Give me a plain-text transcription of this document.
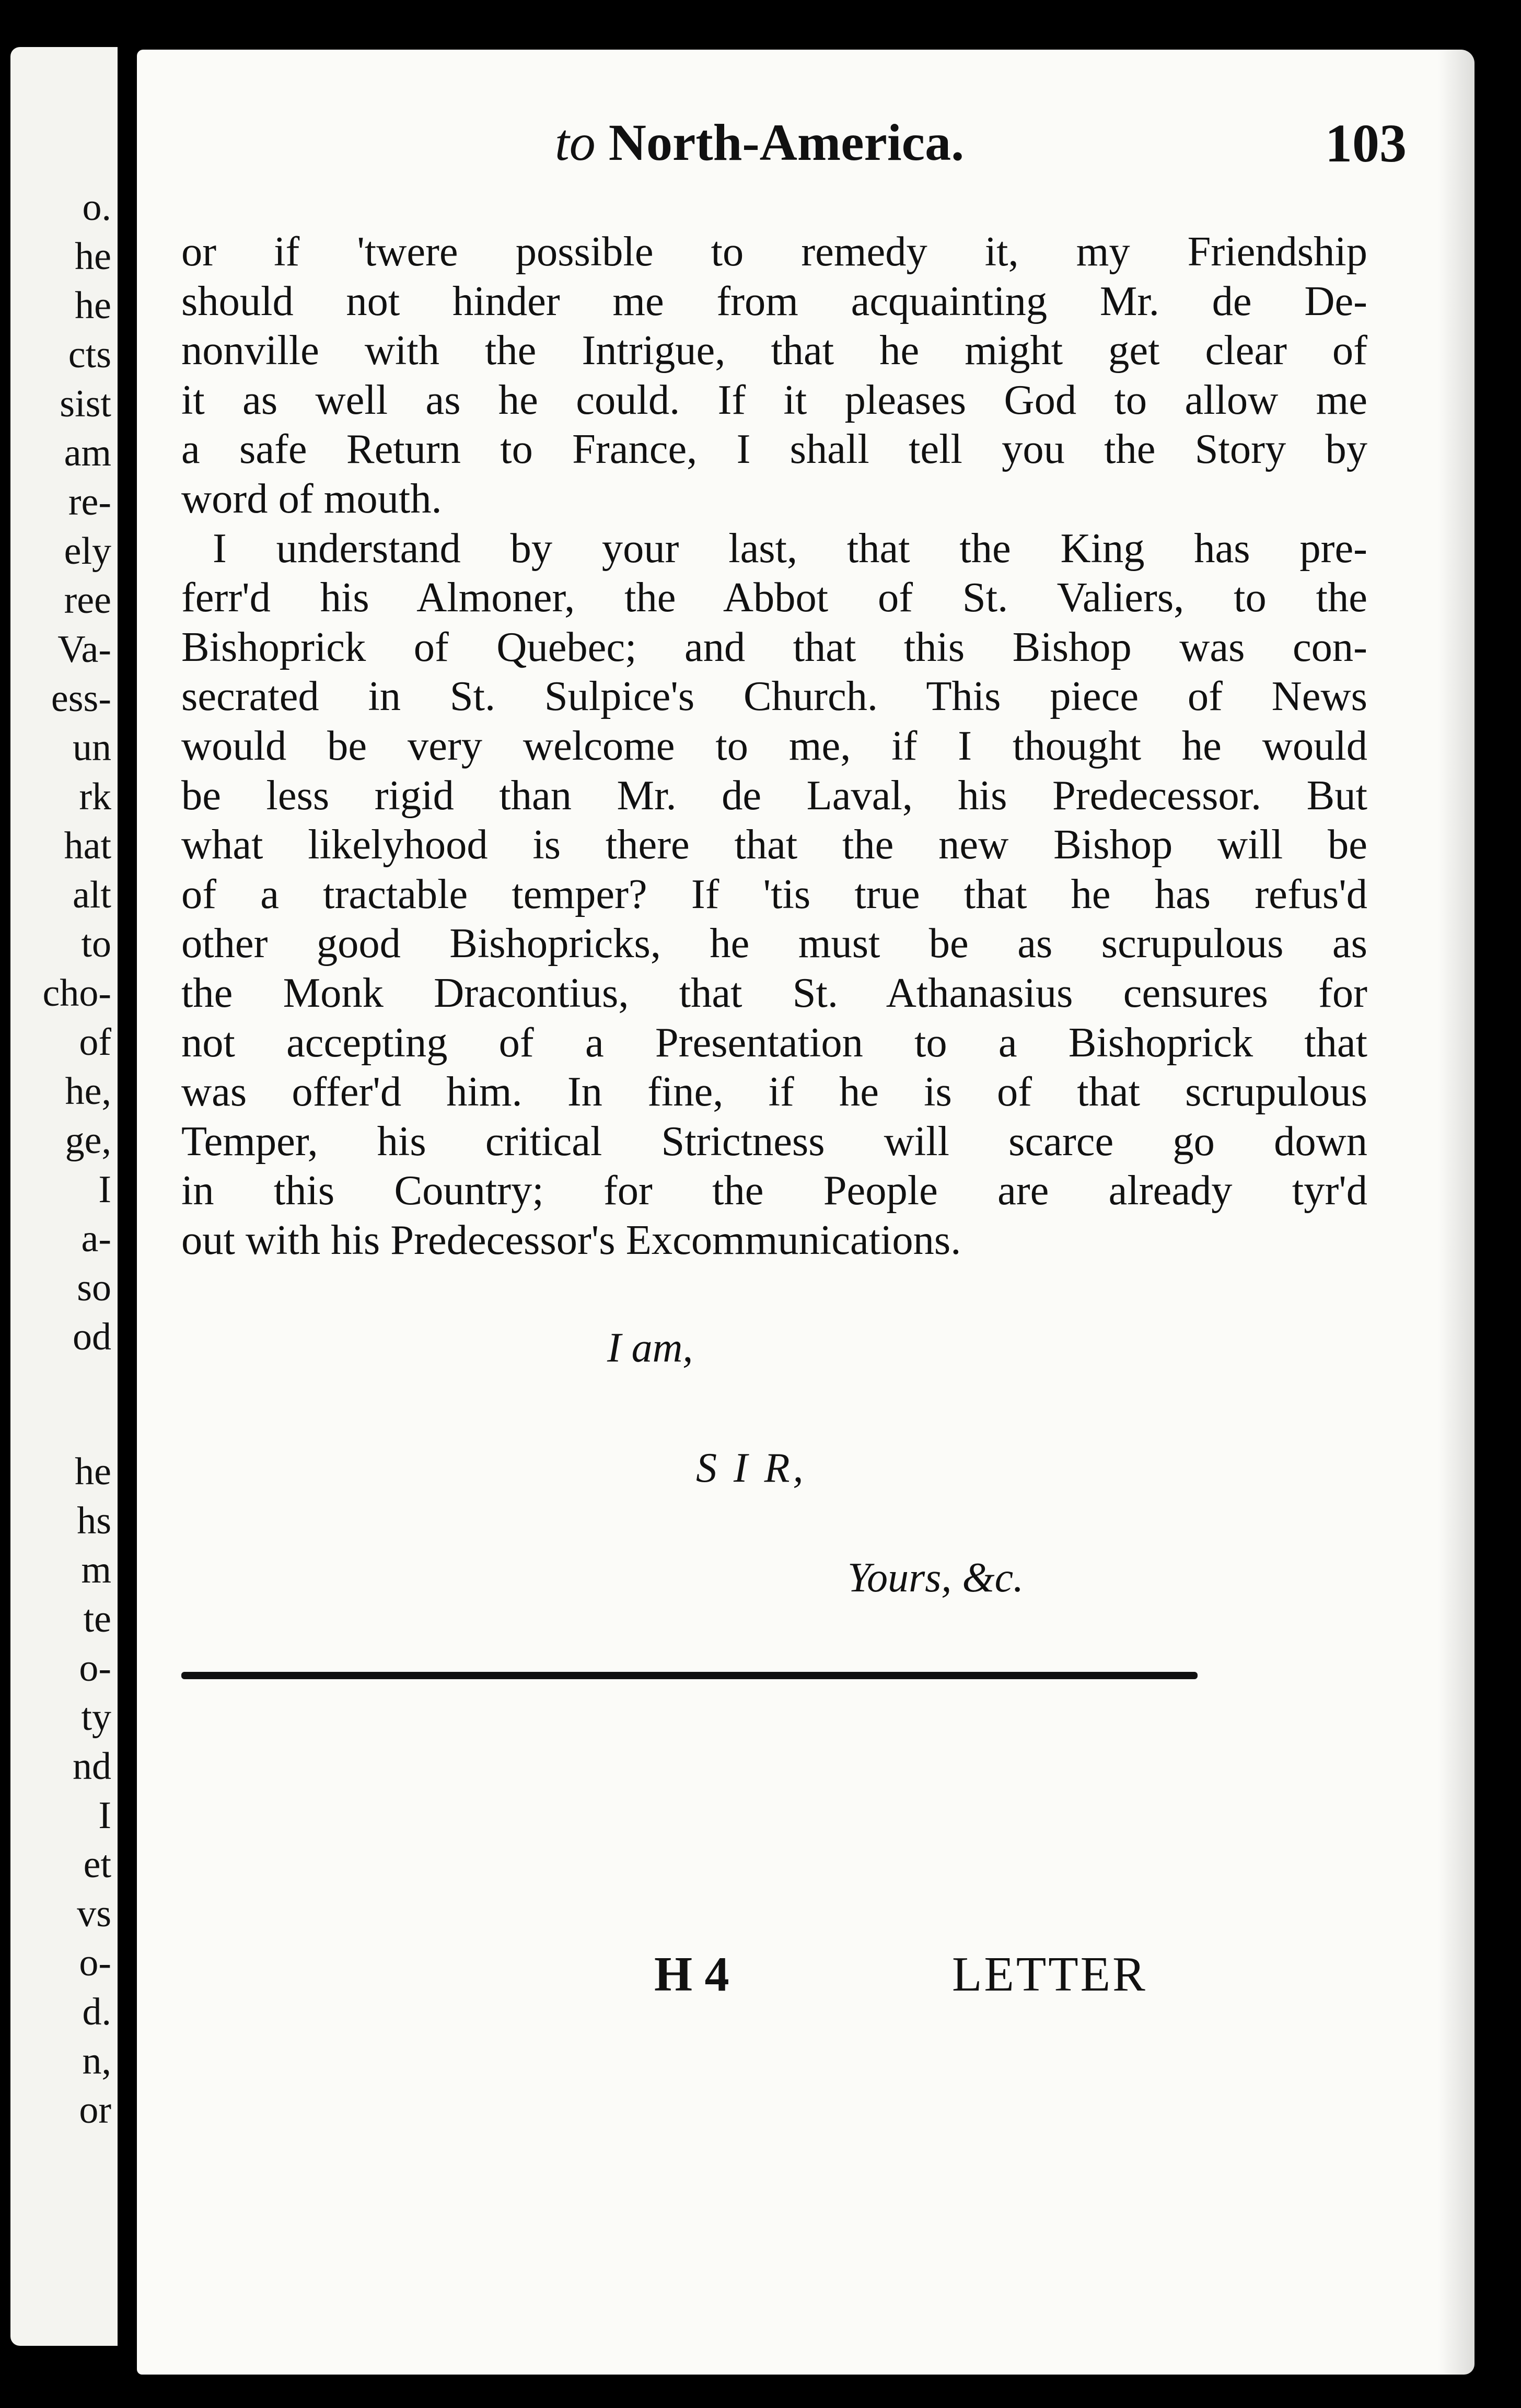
o.
he
he
cts
sist
am
re-
ely
ree
Va-
ess-
un
rk
hat
alt
to
cho-
of
he,
ge,
I
a-
so
od
he
hs
m
te
o-
ty
nd
I
et
vs
o-
d.
n,
or
to North-America.	103
or if 'twere possible to remedy it, my Friendship
should not hinder me from acquainting Mr. de De-
nonville with the Intrigue, that he might get clear of
it as well as he could. If it pleases God to allow me
a safe Return to France, I shall tell you the Story by
word of mouth.
I understand by your last, that the King has pre-
ferr'd his Almoner, the Abbot of St. Valiers, to the
Bishoprick of Quebec; and that this Bishop was con-
secrated in St. Sulpice's Church. This piece of News
would be very welcome to me, if I thought he would
be less rigid than Mr. de Laval, his Predecessor. But
what likelyhood is there that the new Bishop will be
of a tractable temper? If 'tis true that he has refus'd
other good Bishopricks, he must be as scrupulous as
the Monk Dracontius, that St. Athanasius censures for
not accepting of a Presentation to a Bishoprick that
was offer'd him. In fine, if he is of that scrupulous
Temper, his critical Strictness will scarce go down
in this Country; for the People are already tyr'd
out with his Predecessor's Excommunications.
I am,
S I R,
Yours, &c.
H 4	LETTER
